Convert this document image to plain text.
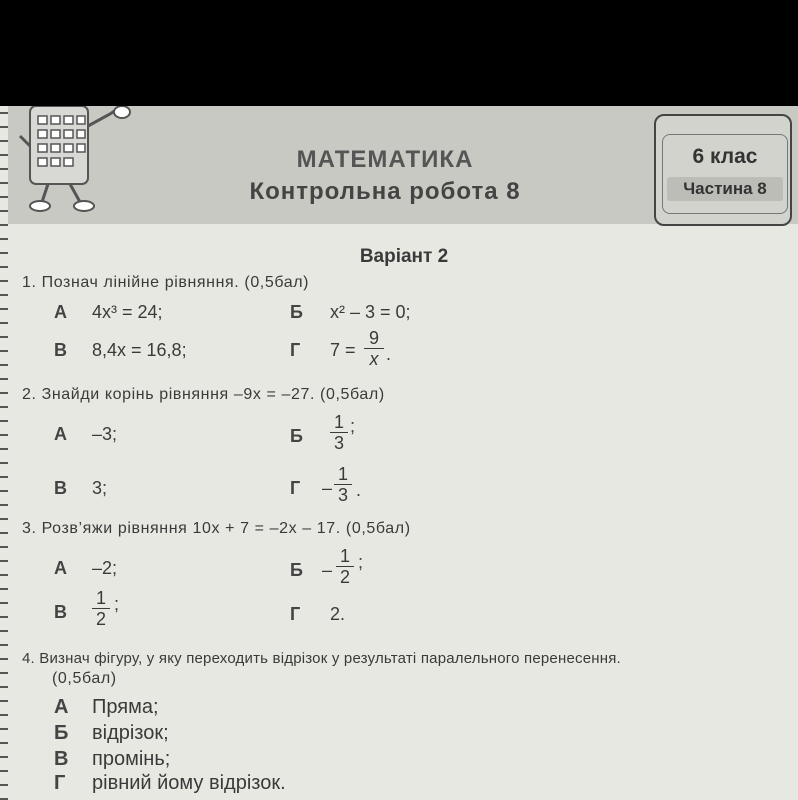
МАТЕМАТИКА
Контрольна робота 8
6 клас
Частина 8
Варіант 2
1. Познач лінійне рівняння. (0,5бал)
А 4x³ = 24;	Б x² – 3 = 0;
В 8,4x = 16,8;	Г 7 =
9
x .
2. Знайди корінь рівняння –9x = –27. (0,5бал)
А –3;	Б
1
3
;
В 3;	Г –
1
3 .
3. Розв’яжи рівняння 10x + 7 = –2x – 17. (0,5бал)
А –2;	Б –
1
2
;
В
1
2
;	Г 2.
4. Визнач фігуру, у яку переходить відрізок у результаті паралельного перенесення.
(0,5бал)
А Пряма;
Б відрізок;
В промінь;
Г рівний йому відрізок.
